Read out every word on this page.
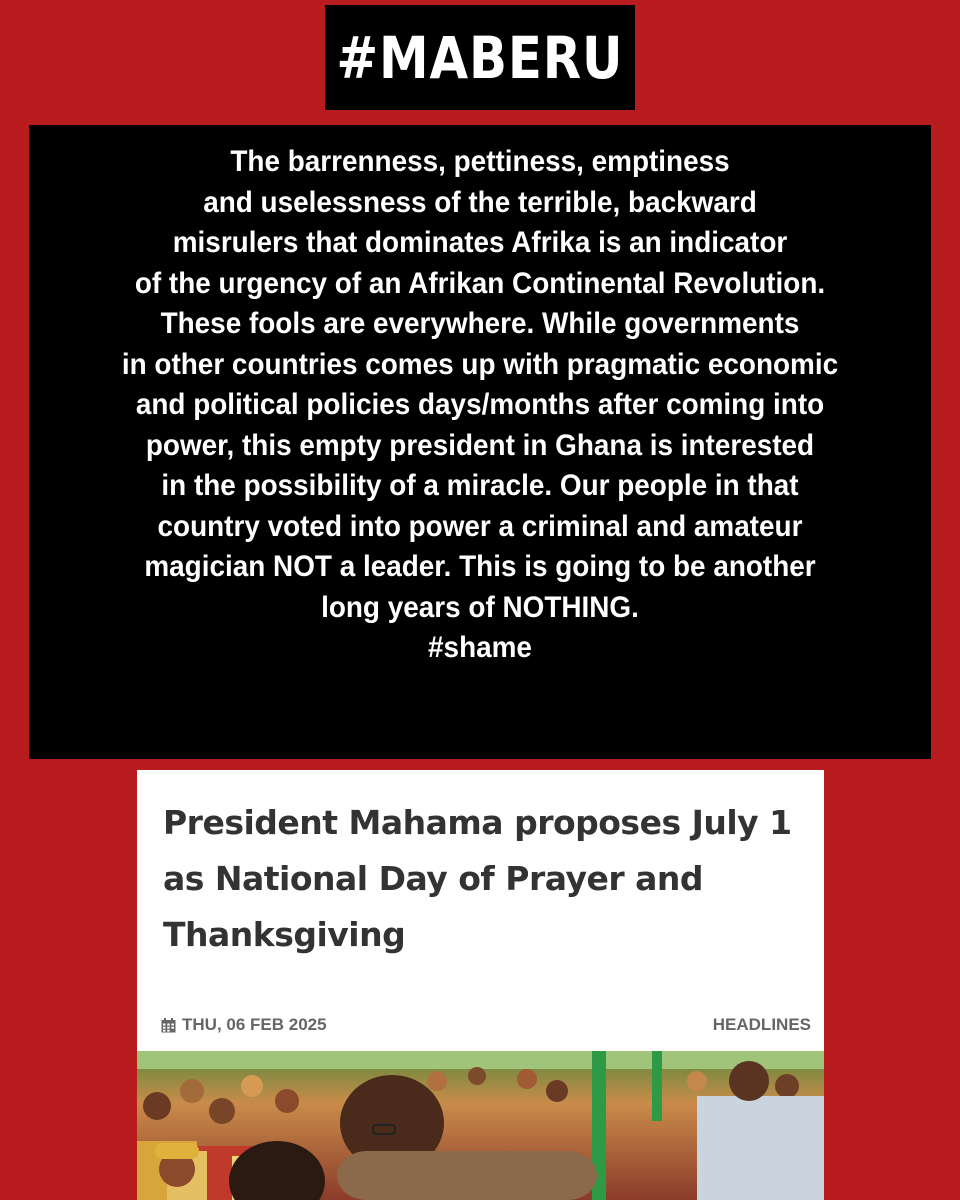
#MABERU
The barrenness, pettiness, emptiness
and uselessness of the terrible, backward
misrulers that dominates Afrika is an indicator
of the urgency of an Afrikan Continental Revolution.
These fools are everywhere. While governments
in other countries comes up with pragmatic economic
and political policies days/months after coming into
power, this empty president in Ghana is interested
in the possibility of a miracle. Our people in that
country voted into power a criminal and amateur
magician NOT a leader. This is going to be another
long years of NOTHING.
#shame
President Mahama proposes July 1
as National Day of Prayer and
Thanksgiving
THU, 06 FEB 2025	HEADLINES
